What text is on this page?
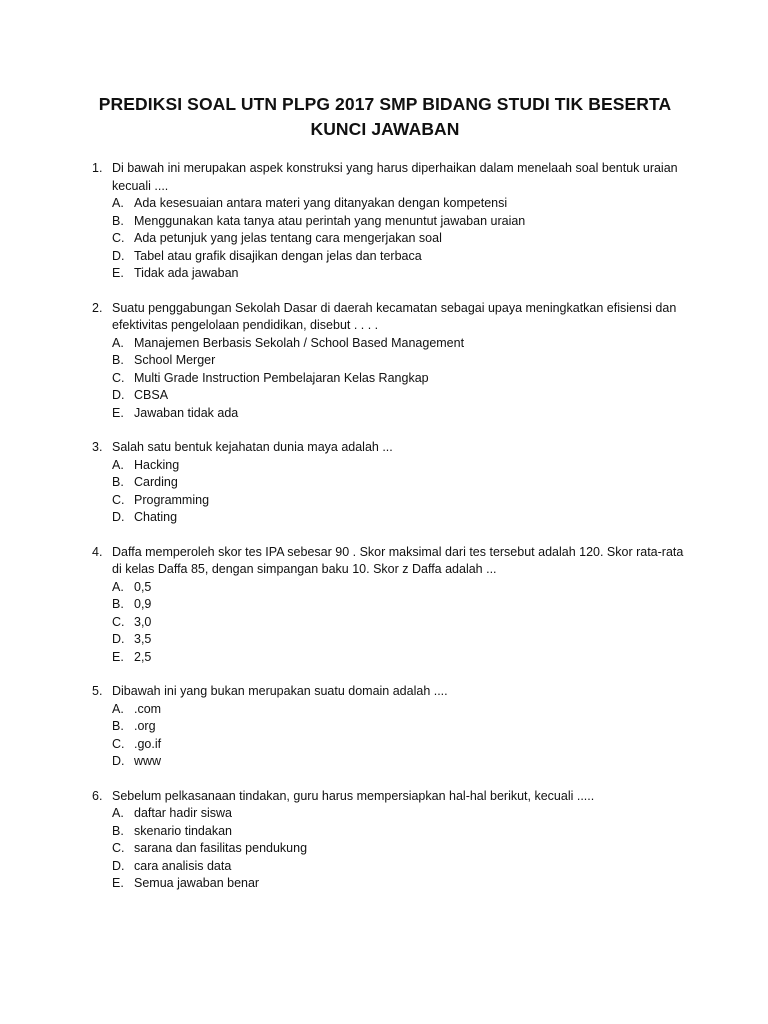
PREDIKSI SOAL UTN PLPG 2017 SMP BIDANG STUDI TIK BESERTA
KUNCI JAWABAN
1. Di bawah ini merupakan aspek konstruksi yang harus diperhaikan dalam menelaah soal bentuk uraian kecuali ....
A. Ada kesesuaian antara materi yang ditanyakan dengan kompetensi
B. Menggunakan kata tanya atau perintah yang menuntut jawaban uraian
C. Ada petunjuk yang jelas tentang cara mengerjakan soal
D. Tabel atau grafik disajikan dengan jelas dan terbaca
E. Tidak ada jawaban
2. Suatu penggabungan Sekolah Dasar di daerah kecamatan sebagai upaya meningkatkan efisiensi dan efektivitas pengelolaan pendidikan, disebut . . . .
A. Manajemen Berbasis Sekolah / School Based Management
B. School Merger
C. Multi Grade Instruction Pembelajaran Kelas Rangkap
D. CBSA
E. Jawaban tidak ada
3. Salah satu bentuk kejahatan dunia maya adalah ...
A. Hacking
B. Carding
C. Programming
D. Chating
4. Daffa memperoleh skor tes IPA sebesar 90 . Skor maksimal dari tes tersebut adalah 120. Skor rata-rata di kelas Daffa 85, dengan simpangan baku 10. Skor z Daffa adalah ...
A. 0,5
B. 0,9
C. 3,0
D. 3,5
E. 2,5
5. Dibawah ini yang bukan merupakan suatu domain adalah ....
A. .com
B. .org
C. .go.if
D. www
6. Sebelum pelkasanaan tindakan, guru harus mempersiapkan hal-hal berikut, kecuali .....
A. daftar hadir siswa
B. skenario tindakan
C. sarana dan fasilitas pendukung
D. cara analisis data
E. Semua jawaban benar
